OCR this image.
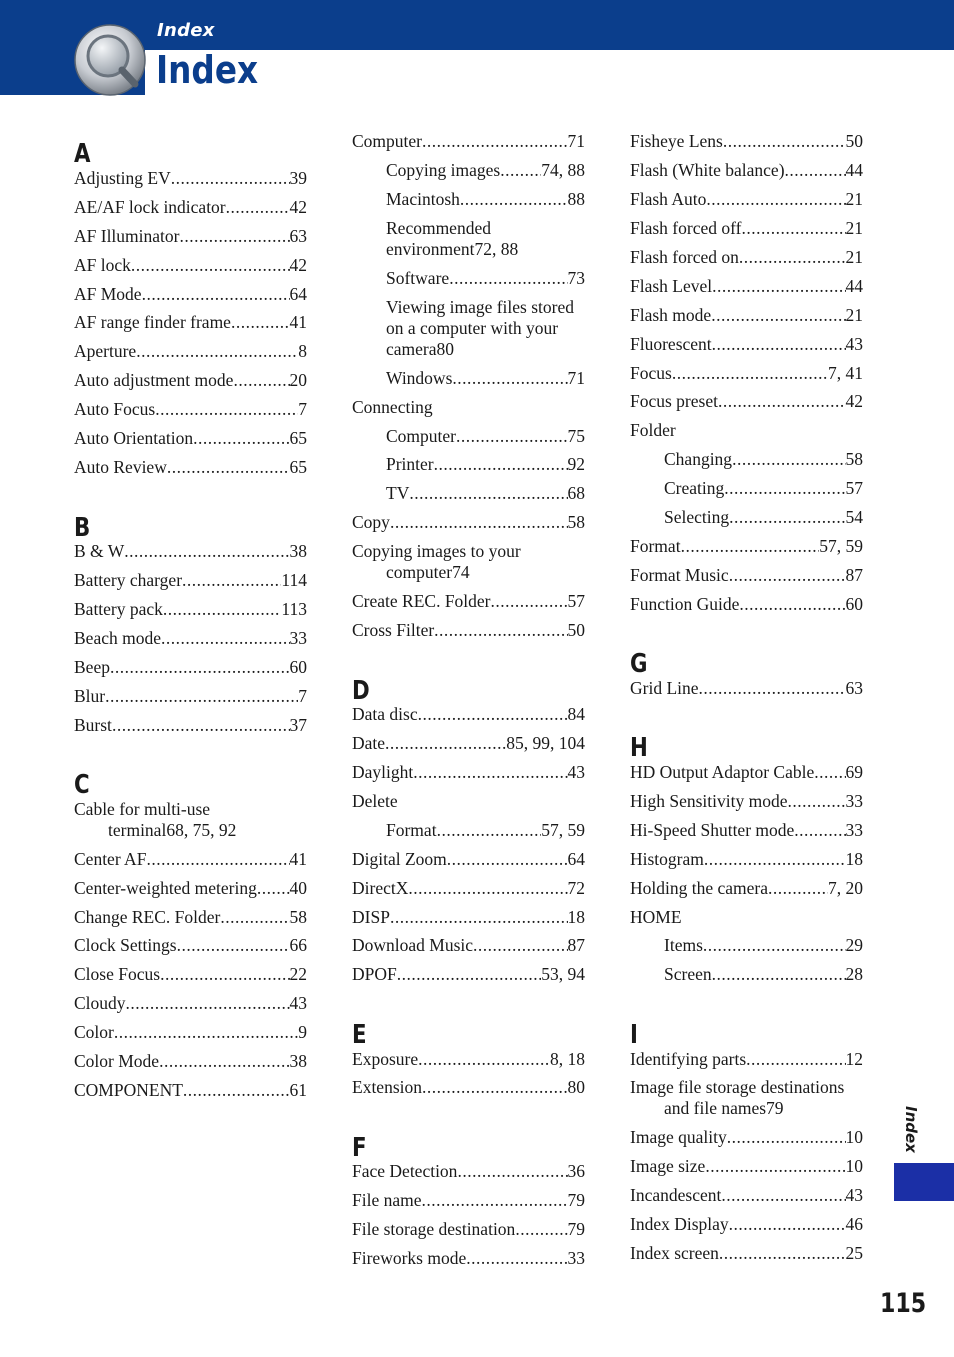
Index
Index
A
Adjusting EV .....	39
AE/AF lock indicator .....	42
AF Illuminator .....	63
AF lock .....	42
AF Mode .....	64
AF range finder frame .....	41
Aperture .....	8
Auto adjustment mode .....	20
Auto Focus .....	7
Auto Orientation .....	65
Auto Review .....	65
B
B & W .....	38
Battery charger .....	114
Battery pack .....	113
Beach mode .....	33
Beep .....	60
Blur .....	7
Burst .....	37
C
Cable for multi-use
terminal 68, 75, 92
Center AF .....	41
Center-weighted metering ..... 40
Change REC. Folder .....	58
Clock Settings .....	66
Close Focus .....	22
Cloudy .....	43
Color .....	9
Color Mode .....	38
COMPONENT .....	61
Computer .....	71
Copying images ..... 74, 88
Macintosh .....	88
Recommended
environment 72, 88
Software .....	73
Viewing image files stored
on a computer with your
camera 80
Windows .....	71
Connecting
Computer .....	75
Printer .....	92
TV .....	68
Copy .....	58
Copying images to your
computer 74
Create REC. Folder .....	57
Cross Filter .....	50
D
Data disc .....	84
Date .....	85, 99, 104
Daylight .....	43
Delete
Format .....	57, 59
Digital Zoom .....	64
DirectX .....	72
DISP .....	18
Download Music .....	87
DPOF .....	53, 94
E
Exposure .....	8, 18
Extension .....	80
F
Face Detection .....	36
File name .....	79
File storage destination .....	79
Fireworks mode .....	33
Fisheye Lens .....	50
Flash (White balance) .....	44
Flash Auto .....	21
Flash forced off .....	21
Flash forced on .....	21
Flash Level .....	44
Flash mode .....	21
Fluorescent .....	43
Focus .....	7, 41
Focus preset .....	42
Folder
Changing .....	58
Creating .....	57
Selecting .....	54
Format .....	57, 59
Format Music .....	87
Function Guide .....	60
G
Grid Line .....	63
H
HD Output Adaptor Cable ..... 69
High Sensitivity mode .....	33
Hi-Speed Shutter mode .....	33
Histogram .....	18
Holding the camera .....	7, 20
HOME
Items .....	29
Screen .....	28
I
Identifying parts .....	12
Image file storage destinations
and file names 79
Image quality .....	10
Image size .....	10
Incandescent .....	43
Index Display .....	46
Index screen .....	25
Index
115
